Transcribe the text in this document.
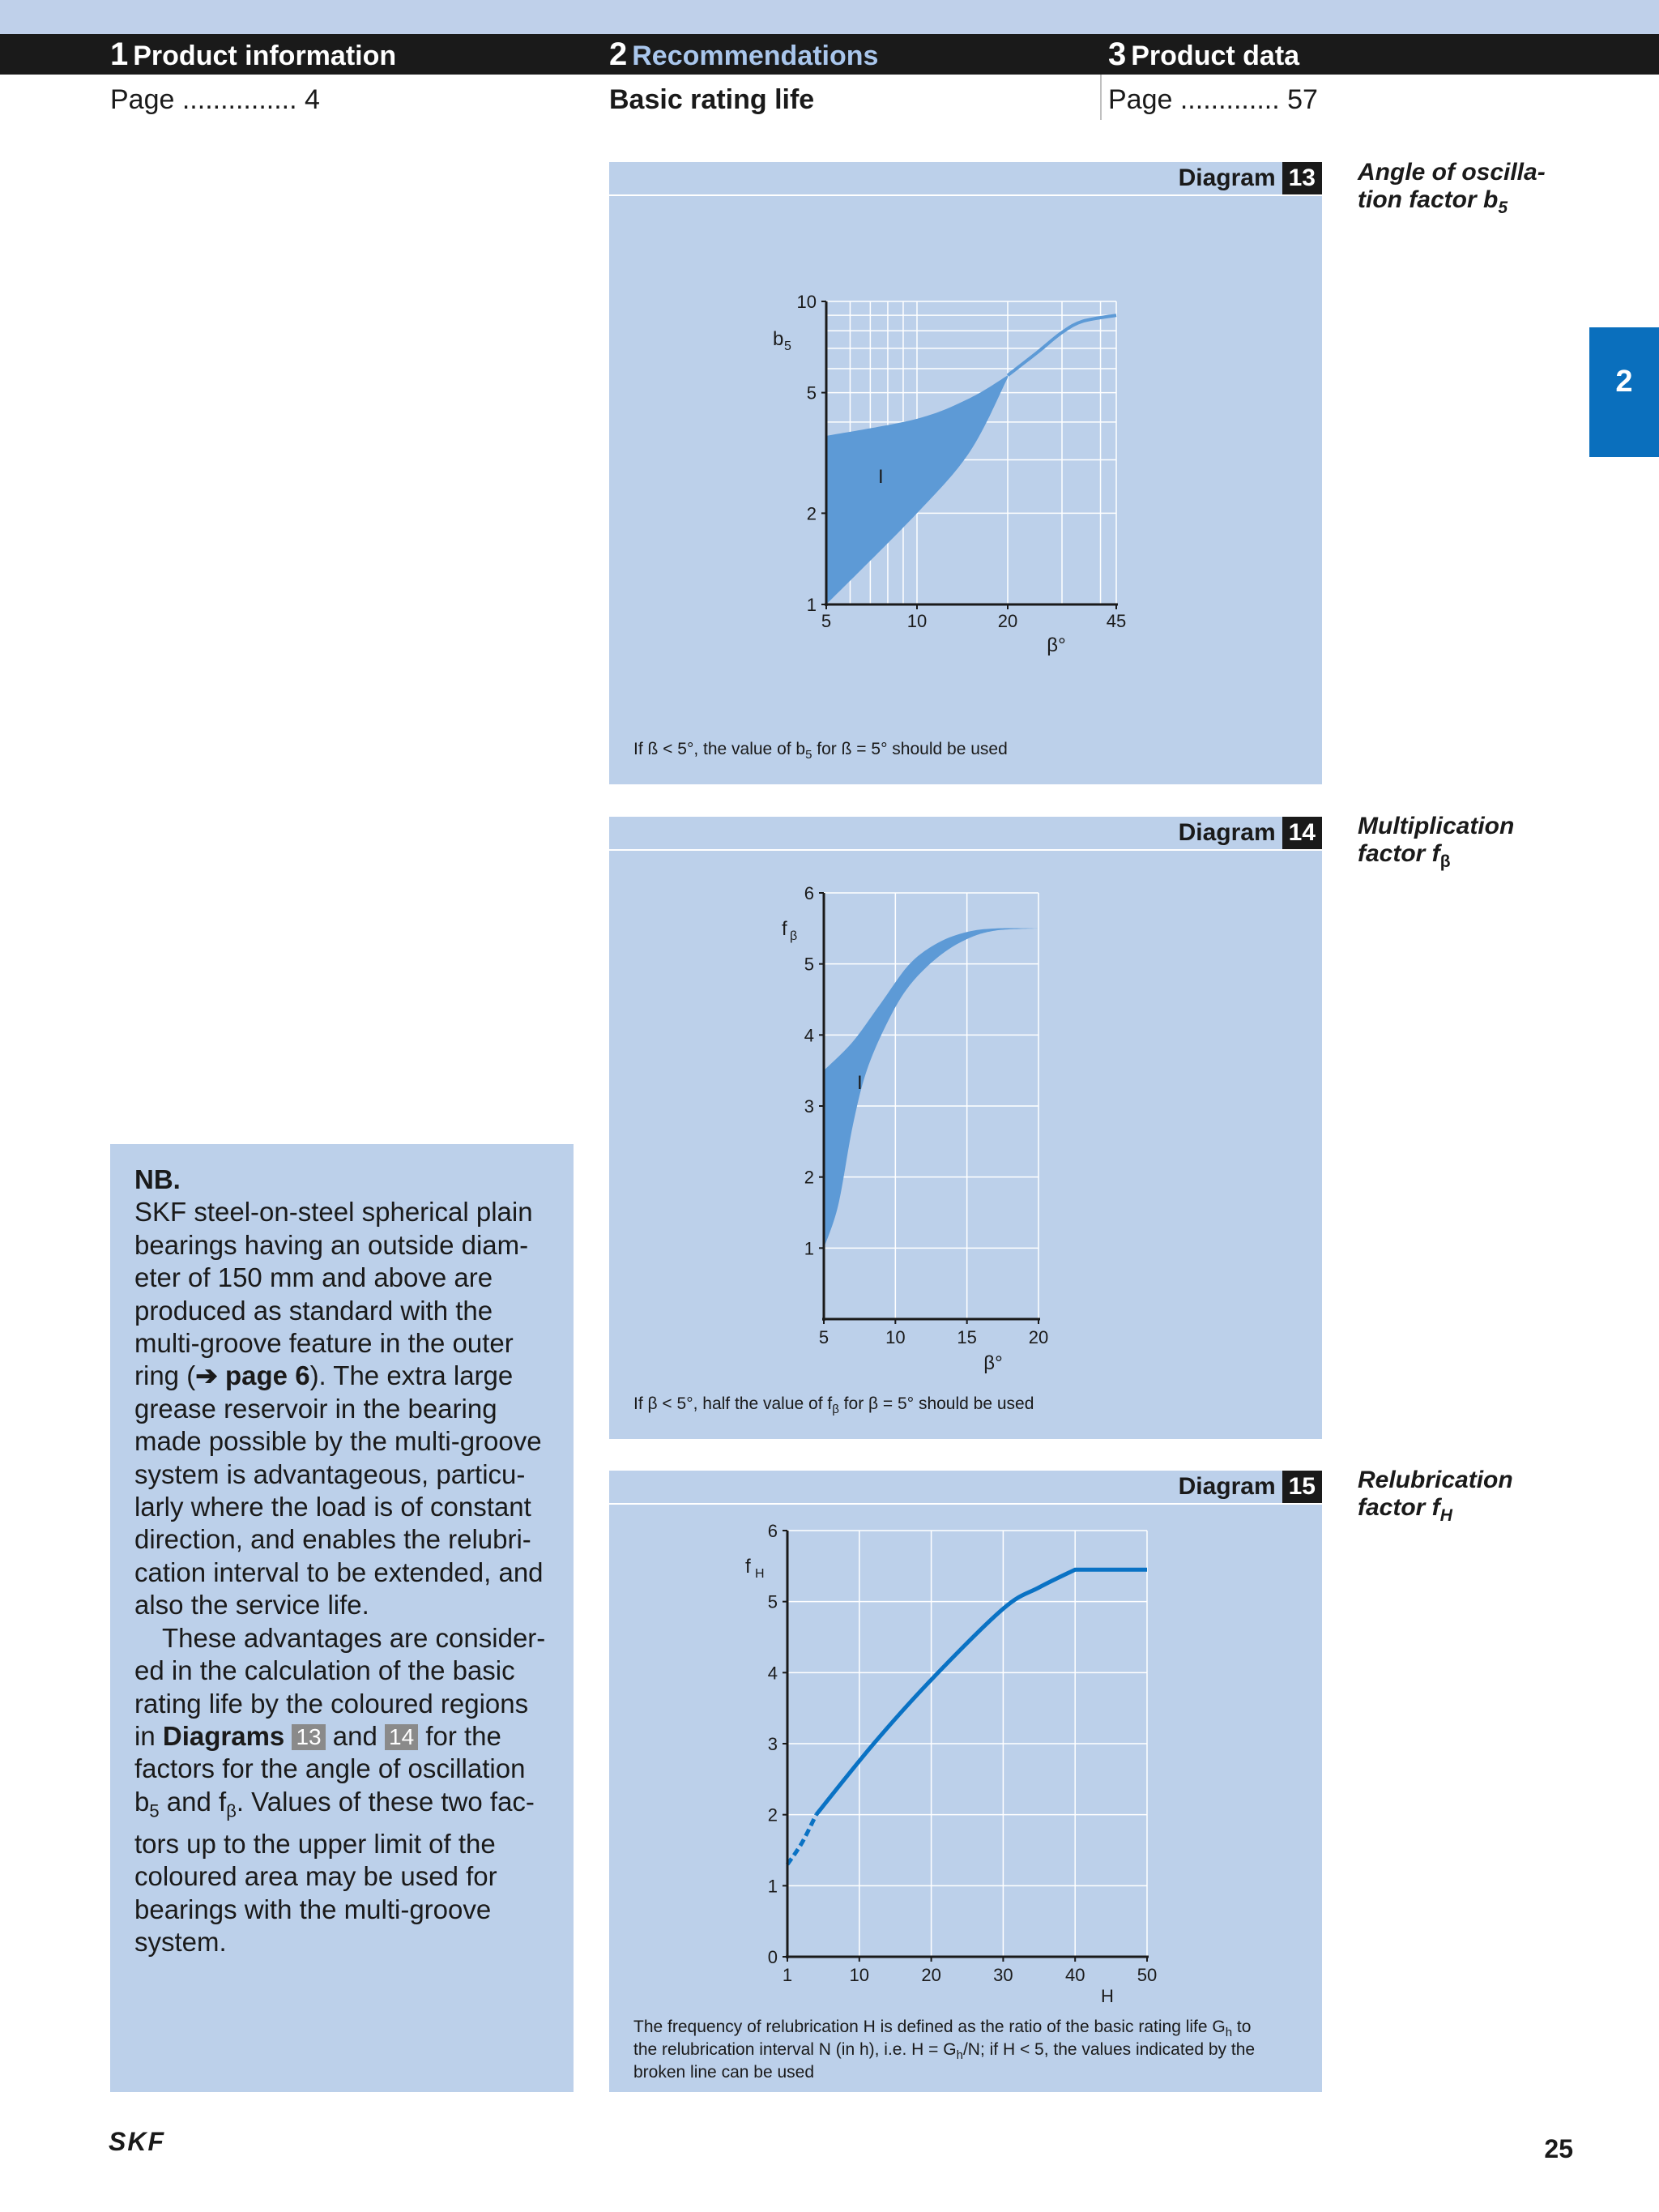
1 Product information	2 Recommendations	3 Product data
Page ............... 4	Basic rating life	Page ............. 57
2
NB.
SKF steel-on-steel spherical plain bearings having an outside diam-eter of 150 mm and above are produced as standard with the multi-groove feature in the outer ring (➔ page 6). The extra large grease reservoir in the bearing made possible by the multi-groove system is advantageous, particu-larly where the load is of constant direction, and enables the relubri-cation interval to be extended, and also the service life.
These advantages are consider-ed in the calculation of the basic rating life by the coloured regions in Diagrams 13 and 14 for the factors for the angle of oscillation $b_5$ and $f_\beta$. Values of these two fac-tors up to the upper limit of the coloured area may be used for bearings with the multi-groove system.
Diagram 13
10
5
2
1
5	10	20	45
b 5
β°
I
If ß < 5°, the value of $b_5$ for ß = 5° should be used
Angle of oscilla-
tion factor $b_5$
Diagram 14
6
5
4
3
2
1
5	10	15	20
f β
β°
I
If β < 5°, half the value of $f_\beta$ for β = 5° should be used
Multiplication
factor $f_\beta$
Diagram 15
6
5
4
3
2
1
0
1	10	20	30	40	50
f H
H
The frequency of relubrication H is defined as the ratio of the basic rating life $G_h$ to
the relubrication interval N (in h), i.e. $H = G_h/N$; if H < 5, the values indicated by the
broken line can be used
Relubrication
factor $f_H$
SKF	25
